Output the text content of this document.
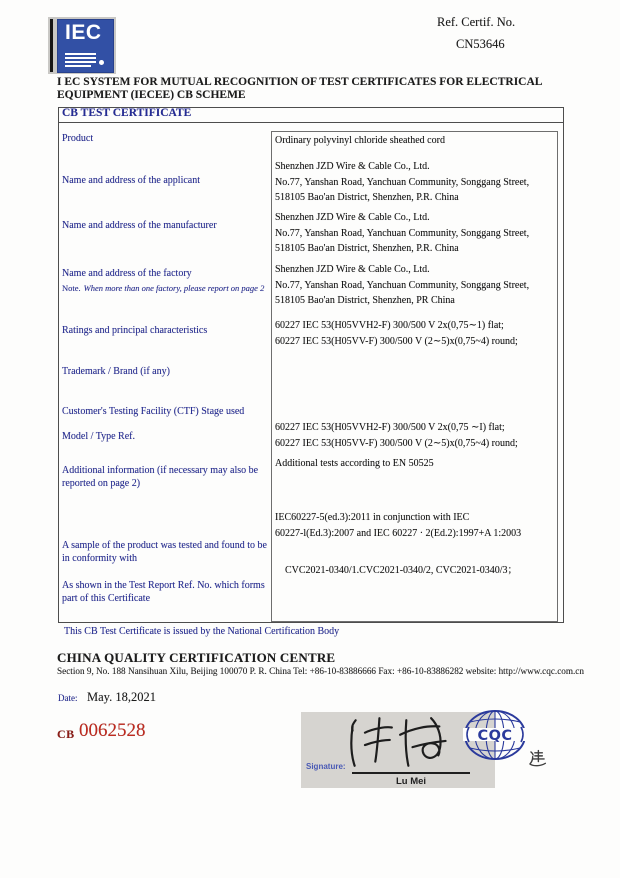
IEC	Ref. Certif. No.
CN53646
I EC SYSTEM FOR MUTUAL RECOGNITION OF TEST CERTIFICATES FOR ELECTRICAL EQUIPMENT (IECEE) CB SCHEME
CB TEST CERTIFICATE
Product
Name and address of the applicant
Name and address of the manufacturer
Name and address of the factory
Note. When more than one factory, please report on page 2
Ratings and principal characteristics
Trademark / Brand (if any)
Customer's Testing Facility (CTF) Stage used
Model / Type Ref.
Additional information (if necessary may also be reported on page 2)
A sample of the product was tested and found to be in conformity with
As shown in the Test Report Ref. No. which forms part of this Certificate
Ordinary polyvinyl chloride sheathed cord
Shenzhen JZD Wire & Cable Co., Ltd.
No.77, Yanshan Road, Yanchuan Community, Songgang Street,
518105 Bao'an District, Shenzhen, P.R. China
Shenzhen JZD Wire & Cable Co., Ltd.
No.77, Yanshan Road, Yanchuan Community, Songgang Street,
518105 Bao'an District, Shenzhen, P.R. China
Shenzhen JZD Wire & Cable Co., Ltd.
No.77, Yanshan Road, Yanchuan Community, Songgang Street,
518105 Bao'an District, Shenzhen, PR China
60227 IEC 53(H05VVH2-F) 300/500 V 2x(0,75∼1) flat;
60227 IEC 53(H05VV-F) 300/500 V (2∼5)x(0,75~4) round;
60227 IEC 53(H05VVH2-F) 300/500 V 2x(0,75 ∼I) flat;
60227 IEC 53(H05VV-F) 300/500 V (2∼5)x(0,75~4) round;
Additional tests according to EN 50525
IEC60227-5(ed.3):2011 in conjunction with IEC
60227-l(Ed.3):2007 and IEC 60227 · 2(Ed.2):1997+A 1:2003
CVC2021-0340/1.CVC2021-0340/2, CVC2021-0340/3；
This CB Test Certificate is issued by the National Certification Body
CHINA QUALITY CERTIFICATION CENTRE
Section 9, No. 188 Nansihuan Xilu, Beijing 100070 P. R. China Tel: +86-10-83886666 Fax: +86-10-83886282 website: http://www.cqc.com.cn
Date: May. 18,2021
CB 0062528
Signature:
Lu Mei
CQC
